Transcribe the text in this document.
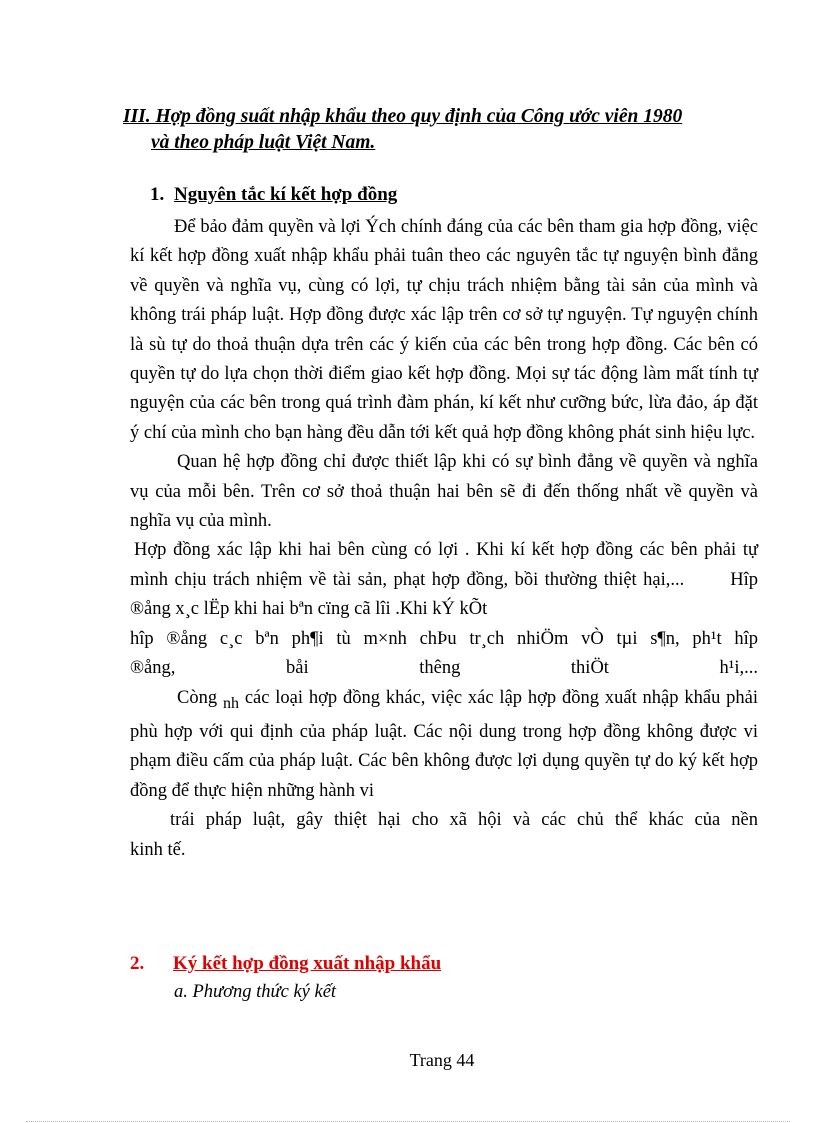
III. Hợp đồng suất nhập khẩu theo quy định của Công ước viên 1980
và theo pháp luật Việt Nam.
1. Nguyên tắc kí kết hợp đồng

Để bảo đảm quyền và lợi Ých chính đáng của các bên tham gia hợp đồng, việc kí kết hợp đồng xuất nhập khẩu phải tuân theo các nguyên tắc tự nguyện bình đẳng về quyền và nghĩa vụ, cùng có lợi, tự chịu trách nhiệm bằng tài sản của mình và không trái pháp luật. Hợp đồng được xác lập trên cơ sở tự nguyện. Tự nguyện chính là sù tự do thoả thuận dựa trên các ý kiến của các bên trong hợp đồng. Các bên có quyền tự do lựa chọn thời điểm giao kết hợp đồng. Mọi sự tác động làm mất tính tự nguyện của các bên trong quá trình đàm phán, kí kết như cưỡng bức, lừa đảo, áp đặt ý chí của mình cho bạn hàng đều dẫn tới kết quả hợp đồng không phát sinh hiệu lực.

Quan hệ hợp đồng chỉ được thiết lập khi có sự bình đẳng về quyền và nghĩa vụ của mỗi bên. Trên cơ sở thoả thuận hai bên sẽ đi đến thống nhất về quyền và nghĩa vụ của mình.

Hợp đồng xác lập khi hai bên cùng có lợi . Khi kí kết hợp đồng các bên phải tự mình chịu trách nhiệm về tài sản, phạt hợp đồng, bồi thường thiệt hại,... Hîp ®ång x¸c lËp khi hai bªn cïng cã lîi .Khi kÝ kÕt

hîp ®ång c¸c bªn ph¶i tù m×nh chÞu tr¸ch nhiÖm vÒ tµi s¶n, ph¹t hîp

®ång, båi thêng thiÖt h¹i,...

Còng nh các loại hợp đồng khác, việc xác lập hợp đồng xuất nhập khẩu phải phù hợp với qui định của pháp luật. Các nội dung trong hợp đồng không được vi phạm điều cấm của pháp luật. Các bên không được lợi dụng quyền tự do ký kết hợp đồng để thực hiện những hành vi

trái pháp luật, gây thiệt hại cho xã hội và các chủ thể khác của nền

kinh tế.

2. Ký kết hợp đồng xuất nhập khẩu
a. Phương thức ký kết
Trang 44
